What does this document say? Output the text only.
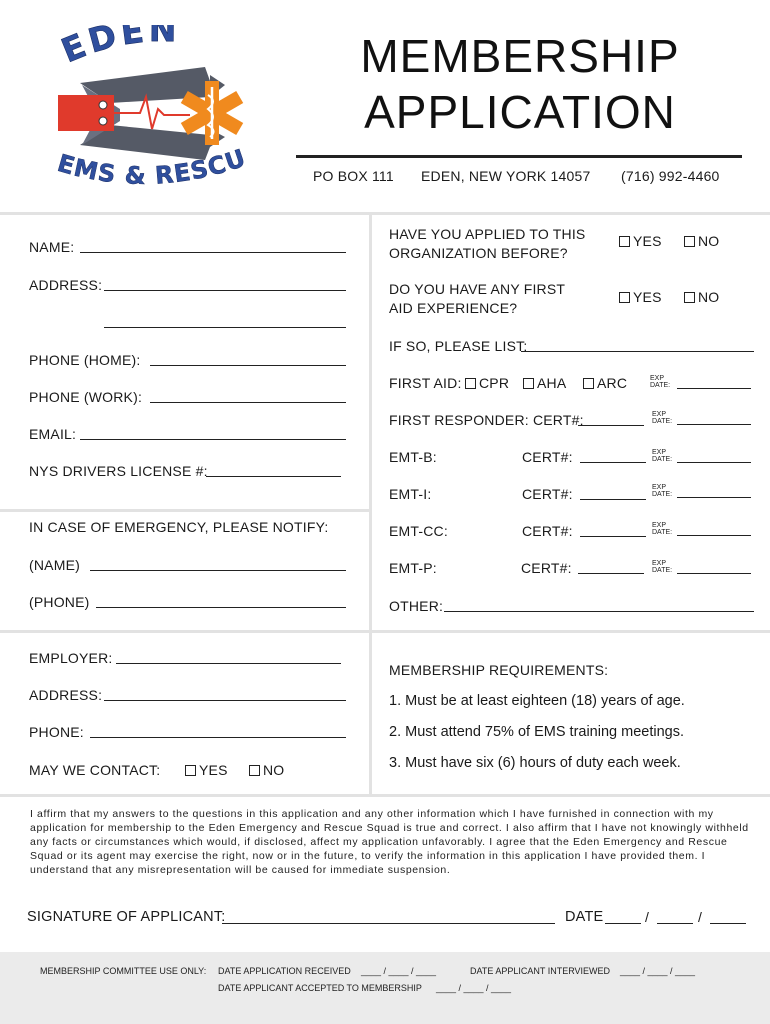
EDEN
EMS & RESCU
MEMBERSHIP
APPLICATION
PO BOX 111 EDEN, NEW YORK 14057 (716) 992-4460
NAME:
ADDRESS:
PHONE (HOME):
PHONE (WORK):
EMAIL:
NYS DRIVERS LICENSE #:
IN CASE OF EMERGENCY, PLEASE NOTIFY:
(NAME)
(PHONE)
EMPLOYER:
ADDRESS:
PHONE:
MAY WE CONTACT:	YES	NO
HAVE YOU APPLIED TO THIS ORGANIZATION BEFORE?
YES	NO
DO YOU HAVE ANY FIRST AID EXPERIENCE?
YES	NO
IF SO, PLEASE LIST:
FIRST AID:	CPR	AHA	ARC	EXP
DATE:
FIRST RESPONDER: CERT#:	EXP
DATE:
EMT-B:	CERT#:	EXP
DATE:
EMT-I:	CERT#:	EXP
DATE:
EMT-CC:	CERT#:	EXP
DATE:
EMT-P:	CERT#:	EXP
DATE:
OTHER:
MEMBERSHIP REQUIREMENTS:
1. Must be at least eighteen (18) years of age.
2. Must attend 75% of EMS training meetings.
3. Must have six (6) hours of duty each week.
I affirm that my answers to the questions in this application and any other information which I have furnished in connection with my application for membership to the Eden Emergency and Rescue Squad is true and correct. I also affirm that I have not knowingly withheld any facts or circumstances which would, if disclosed, affect my application unfavorably. I agree that the Eden Emergency and Rescue Squad or its agent may exercise the right, now or in the future, to verify the information in this application I have provided them. I understand that any misrepresentation will be caused for immediate suspension.
SIGNATURE OF APPLICANT:	DATE	/	/
MEMBERSHIP COMMITTEE USE ONLY: DATE APPLICATION RECEIVED ____ / ____ / ____	DATE APPLICANT INTERVIEWED ____ / ____ / ____
DATE APPLICANT ACCEPTED TO MEMBERSHIP ____ / ____ / ____
